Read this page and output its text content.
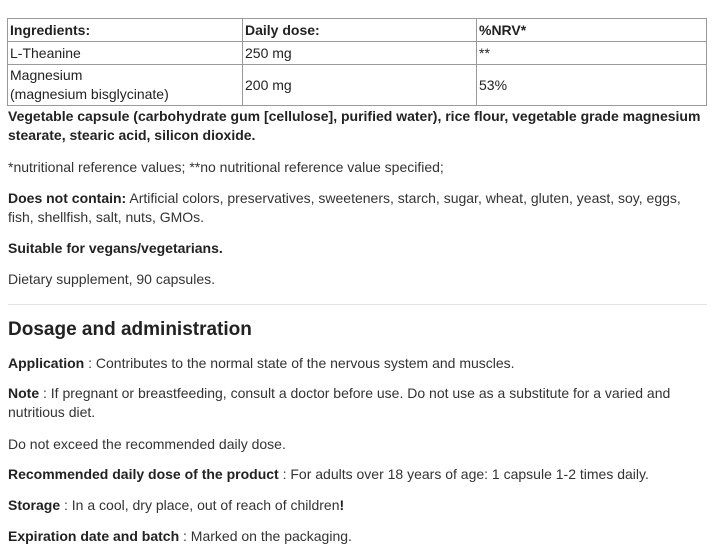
Ingredients:	Daily dose:	%NRV*
L-Theanine	250 mg	**

Magnesium
(magnesium bisglycinate)	200 mg	53%

Vegetable capsule (carbohydrate gum [cellulose], purified water), rice flour, vegetable grade magnesium stearate, stearic acid, silicon dioxide.

*nutritional reference values; **no nutritional reference value specified;

Does not contain: Artificial colors, preservatives, sweeteners, starch, sugar, wheat, gluten, yeast, soy, eggs, fish, shellfish, salt, nuts, GMOs.

Suitable for vegans/vegetarians.

Dietary supplement, 90 capsules.

Dosage and administration

Application : Contributes to the normal state of the nervous system and muscles.

Note : If pregnant or breastfeeding, consult a doctor before use. Do not use as a substitute for a varied and nutritious diet.

Do not exceed the recommended daily dose.

Recommended daily dose of the product : For adults over 18 years of age: 1 capsule 1-2 times daily.

Storage : In a cool, dry place, out of reach of children!

Expiration date and batch : Marked on the packaging.
